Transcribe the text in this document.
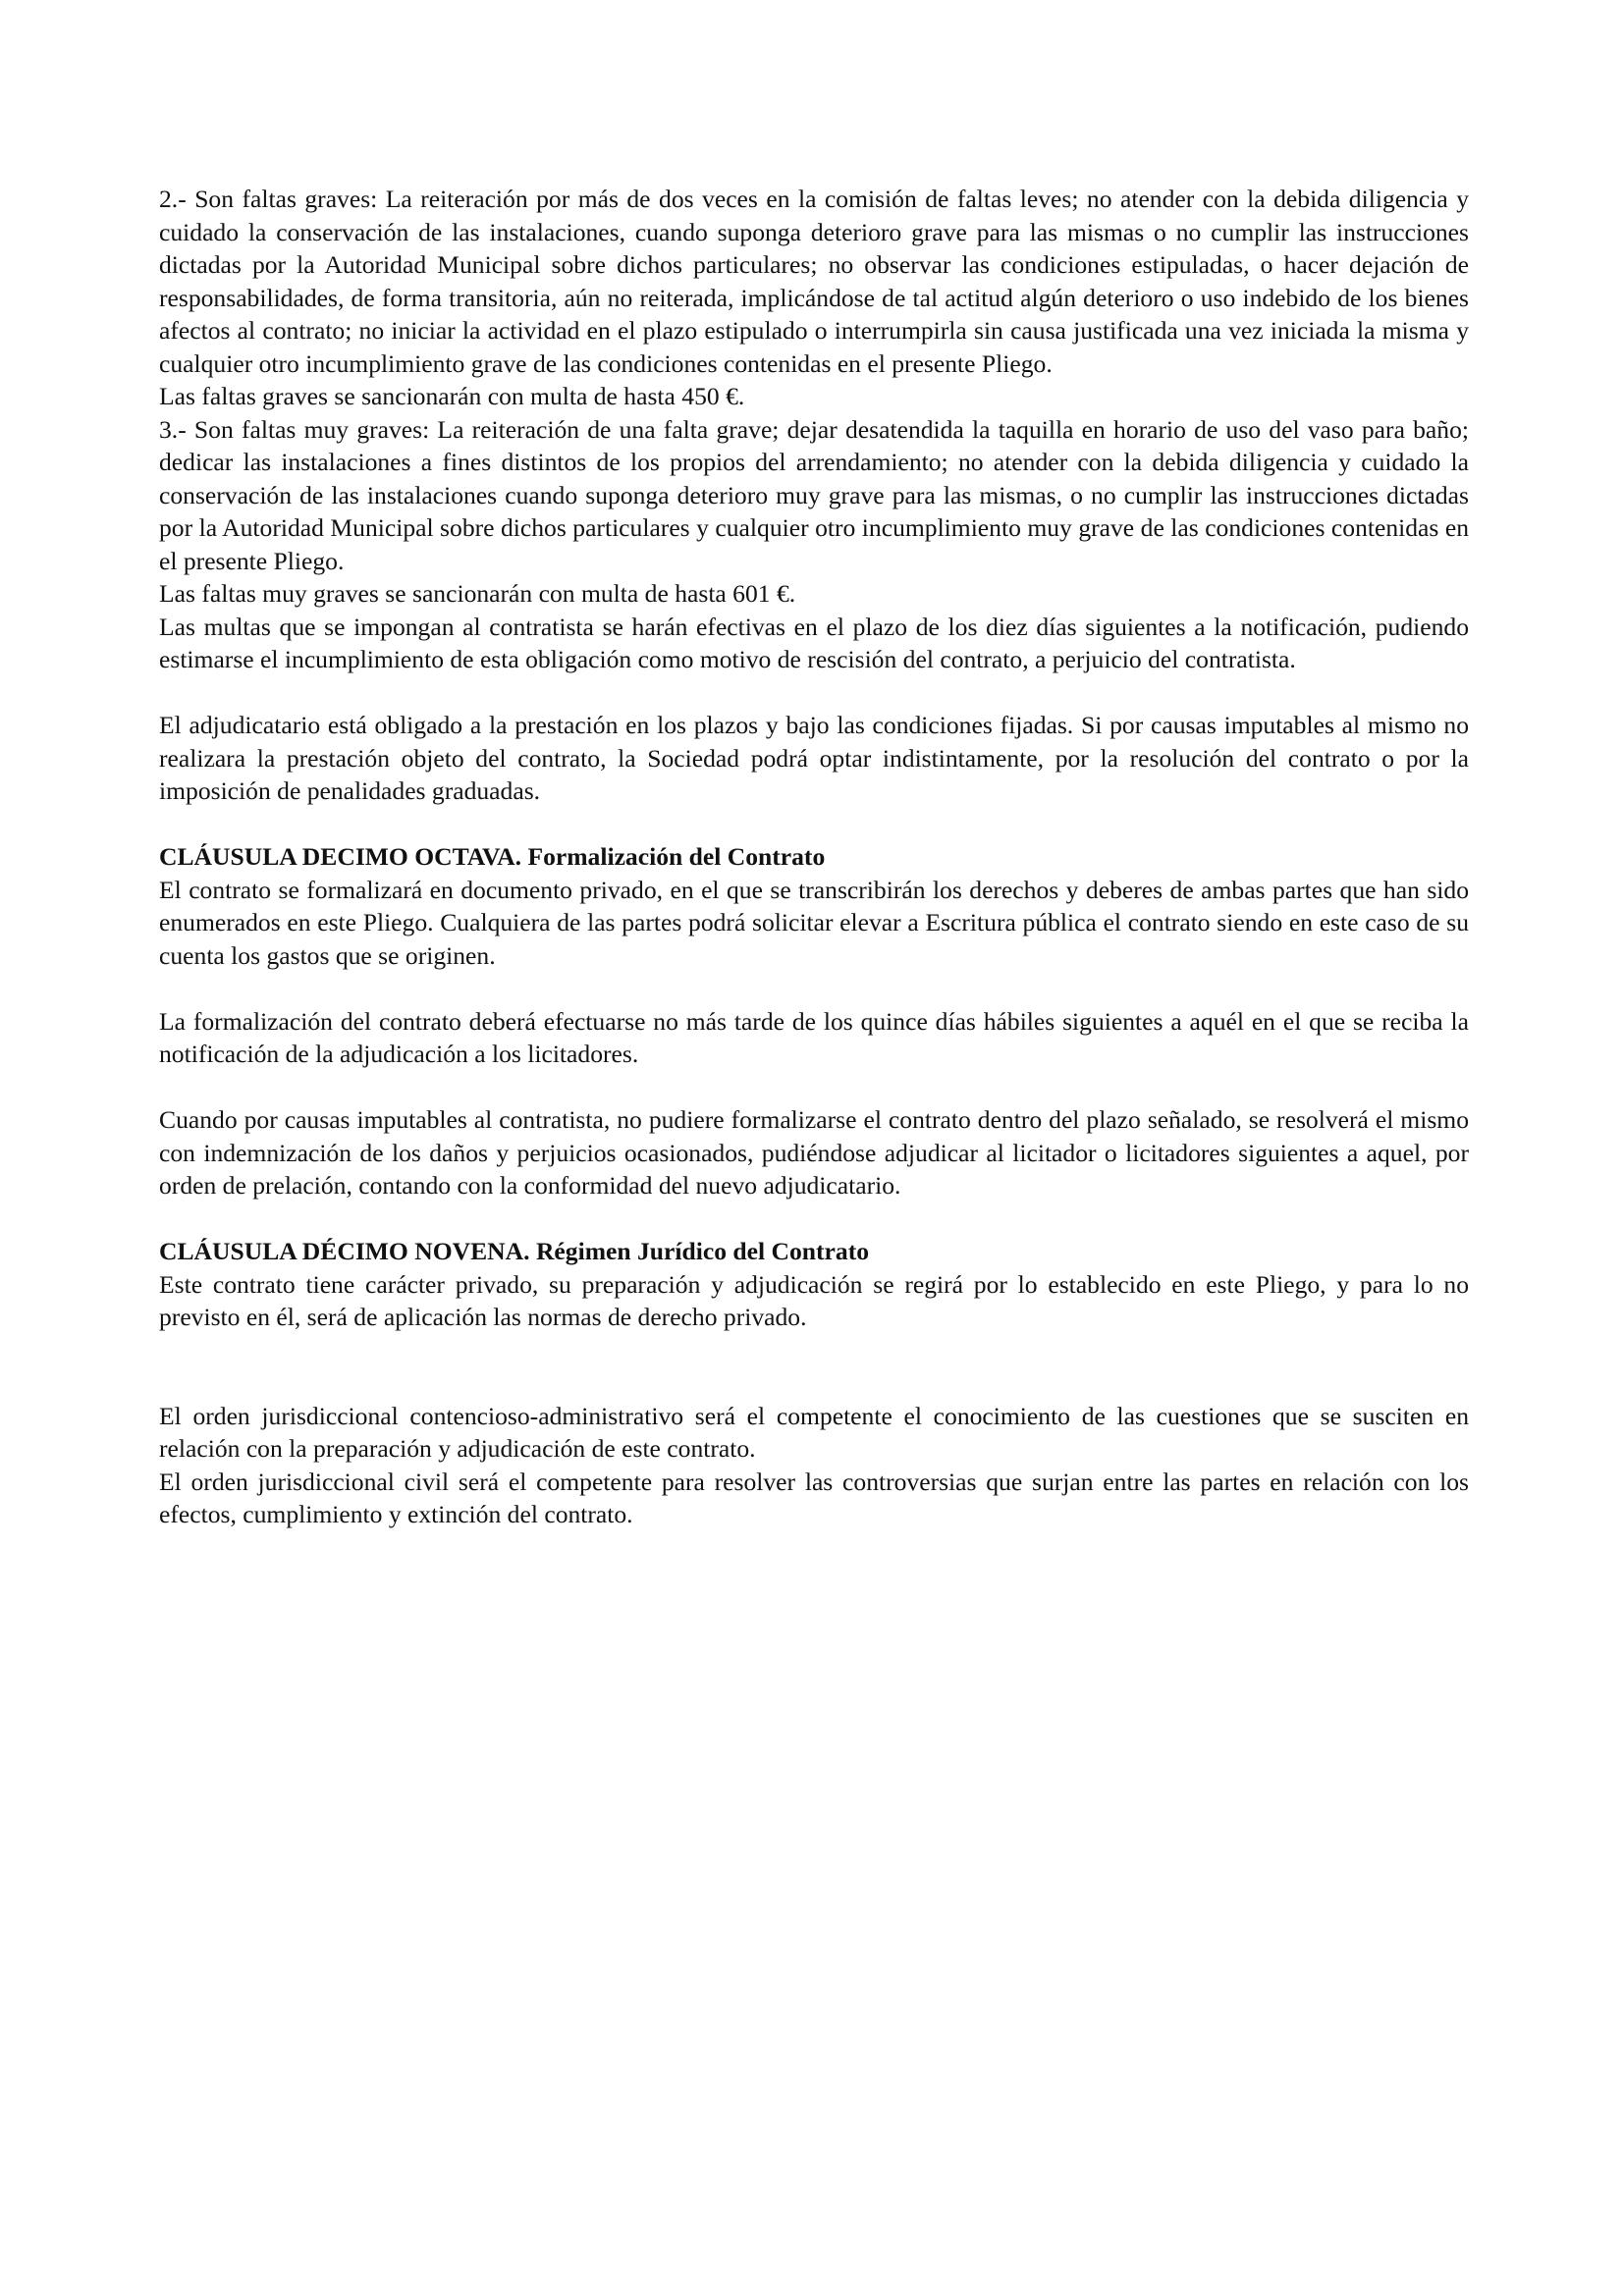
2.- Son faltas graves: La reiteración por más de dos veces en la comisión de faltas leves; no atender con la debida diligencia y cuidado la conservación de las instalaciones, cuando suponga deterioro grave para las mismas o no cumplir las instrucciones dictadas por la Autoridad Municipal sobre dichos particulares; no observar las condiciones estipuladas, o hacer dejación de responsabilidades, de forma transitoria, aún no reiterada, implicándose de tal actitud algún deterioro o uso indebido de los bienes afectos al contrato; no iniciar la actividad en el plazo estipulado o interrumpirla sin causa justificada una vez iniciada la misma y cualquier otro incumplimiento grave de las condiciones contenidas en el presente Pliego.

Las faltas graves se sancionarán con multa de hasta 450 €.

3.- Son faltas muy graves: La reiteración de una falta grave; dejar desatendida la taquilla en horario de uso del vaso para baño; dedicar las instalaciones a fines distintos de los propios del arrendamiento; no atender con la debida diligencia y cuidado la conservación de las instalaciones cuando suponga deterioro muy grave para las mismas, o no cumplir las instrucciones dictadas por la Autoridad Municipal sobre dichos particulares y cualquier otro incumplimiento muy grave de las condiciones contenidas en el presente Pliego.

Las faltas muy graves se sancionarán con multa de hasta 601 €.

Las multas que se impongan al contratista se harán efectivas en el plazo de los diez días siguientes a la notificación, pudiendo estimarse el incumplimiento de esta obligación como motivo de rescisión del contrato, a perjuicio del contratista.

El adjudicatario está obligado a la prestación en los plazos y bajo las condiciones fijadas. Si por causas imputables al mismo no realizara la prestación objeto del contrato, la Sociedad podrá optar indistintamente, por la resolución del contrato o por la imposición de penalidades graduadas.

CLÁUSULA DECIMO OCTAVA. Formalización del Contrato

El contrato se formalizará en documento privado, en el que se transcribirán los derechos y deberes de ambas partes que han sido enumerados en este Pliego. Cualquiera de las partes podrá solicitar elevar a Escritura pública el contrato siendo en este caso de su cuenta los gastos que se originen.

La formalización del contrato deberá efectuarse no más tarde de los quince días hábiles siguientes a aquél en el que se reciba la notificación de la adjudicación a los licitadores.

Cuando por causas imputables al contratista, no pudiere formalizarse el contrato dentro del plazo señalado, se resolverá el mismo con indemnización de los daños y perjuicios ocasionados, pudiéndose adjudicar al licitador o licitadores siguientes a aquel, por orden de prelación, contando con la conformidad del nuevo adjudicatario.

CLÁUSULA DÉCIMO NOVENA. Régimen Jurídico del Contrato

Este contrato tiene carácter privado, su preparación y adjudicación se regirá por lo establecido en este Pliego, y para lo no previsto en él, será de aplicación las normas de derecho privado.

El orden jurisdiccional contencioso-administrativo será el competente el conocimiento de las cuestiones que se susciten en relación con la preparación y adjudicación de este contrato.

El orden jurisdiccional civil será el competente para resolver las controversias que surjan entre las partes en relación con los efectos, cumplimiento y extinción del contrato.
